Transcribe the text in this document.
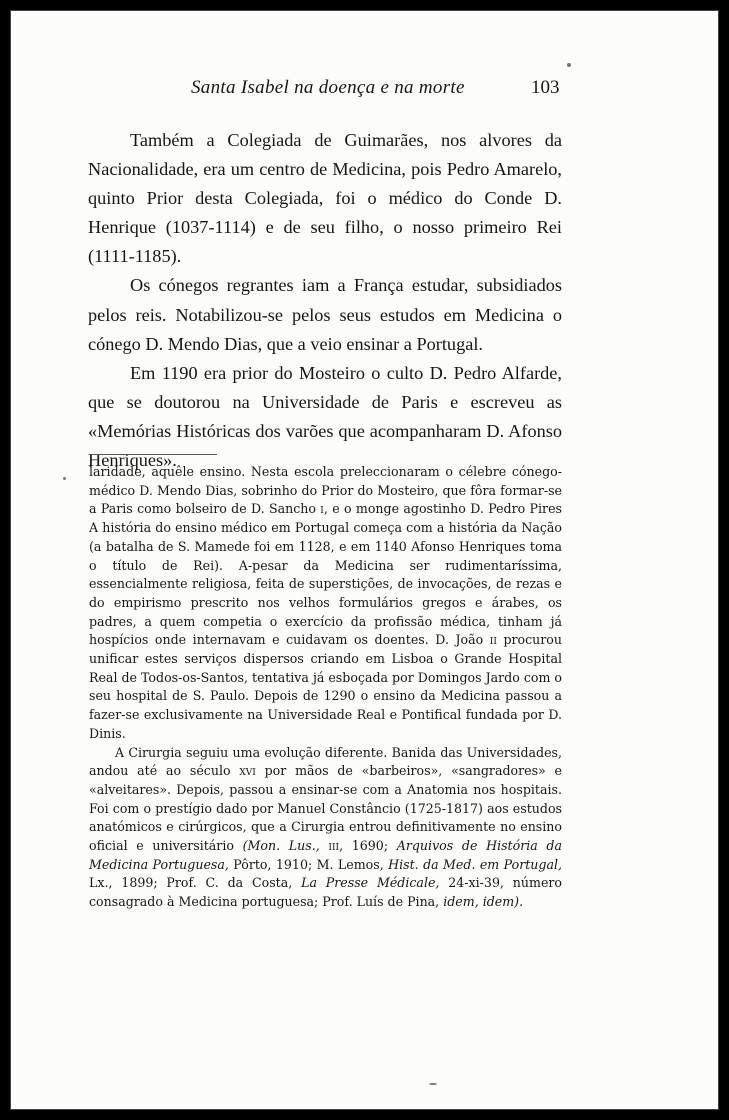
Santa Isabel na doença e na morte	103

Também a Colegiada de Guimarães, nos alvores da Nacionalidade, era um centro de Medicina, pois Pedro Amarelo, quinto Prior desta Colegiada, foi o médico do Conde D. Henrique (1037-1114) e de seu filho, o nosso primeiro Rei (1111-1185).

Os cónegos regrantes iam a França estudar, subsidiados pelos reis. Notabilizou-se pelos seus estudos em Medicina o cónego D. Mendo Dias, que a veio ensinar a Portugal.

Em 1190 era prior do Mosteiro o culto D. Pedro Alfarde, que se doutorou na Universidade de Paris e escreveu as «Memórias Históricas dos varões que acompanharam D. Afonso Henriques».

laridade, aquêle ensino. Nesta escola preleccionaram o célebre cónego-médico D. Mendo Dias, sobrinho do Prior do Mosteiro, que fôra formar-se a Paris como bolseiro de D. Sancho i, e o monge agostinho D. Pedro Pires A história do ensino médico em Portugal começa com a história da Nação (a batalha de S. Mamede foi em 1128, e em 1140 Afonso Henriques toma o título de Rei). A-pesar da Medicina ser rudimentaríssima, essencialmente religiosa, feita de superstições, de invocações, de rezas e do empirismo prescrito nos velhos formulários gregos e árabes, os padres, a quem competia o exercício da profissão médica, tinham já hospícios onde internavam e cuidavam os doentes. D. João ii procurou unificar estes serviços dispersos criando em Lisboa o Grande Hospital Real de Todos-os-Santos, tentativa já esboçada por Domingos Jardo com o seu hospital de S. Paulo. Depois de 1290 o ensino da Medicina passou a fazer-se exclusivamente na Universidade Real e Pontifical fundada por D. Dinis.

A Cirurgia seguiu uma evolução diferente. Banida das Universidades, andou até ao século xvi por mãos de «barbeiros», «sangradores» e «alveitares». Depois, passou a ensinar-se com a Anatomia nos hospitais. Foi com o prestígio dado por Manuel Constâncio (1725-1817) aos estudos anatómicos e cirúrgicos, que a Cirurgia entrou definitivamente no ensino oficial e universitário (Mon. Lus., iii, 1690; Arquivos de História da Medicina Portuguesa, Pôrto, 1910; M. Lemos, Hist. da Med. em Portugal, Lx., 1899; Prof. C. da Costa, La Presse Médicale, 24-xi-39, número consagrado à Medicina portuguesa; Prof. Luís de Pina, idem, idem).
